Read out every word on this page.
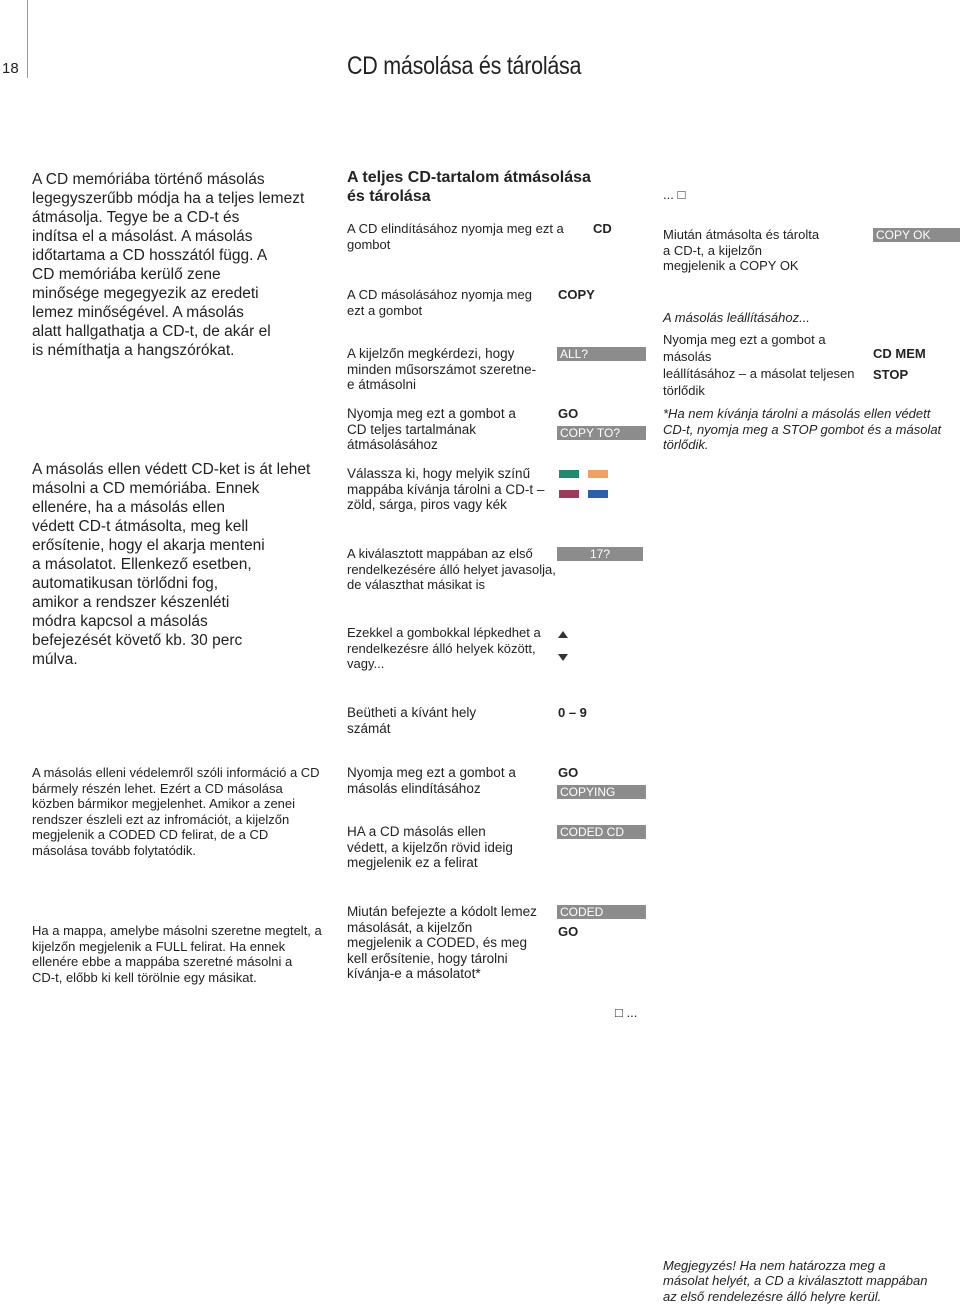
18	CD másolása és tárolása
A CD memóriába történő másolás
legegyszerűbb módja ha a teljes lemezt
átmásolja. Tegye be a CD-t és
indítsa el a másolást. A másolás
időtartama a CD hosszától függ. A
CD memóriába kerülő zene
minősége megegyezik az eredeti
lemez minőségével. A másolás
alatt hallgathatja a CD-t, de akár el
is némíthatja a hangszórókat.
A másolás ellen védett CD-ket is át lehet
másolni a CD memóriába. Ennek
ellenére, ha a másolás ellen
védett CD-t átmásolta, meg kell
erősítenie, hogy el akarja menteni
a másolatot. Ellenkező esetben,
automatikusan törlődni fog,
amikor a rendszer készenléti
módra kapcsol a másolás
befejezését követő kb. 30 perc
múlva.
A másolás elleni védelemről szóli információ a CD
bármely részén lehet. Ezért a CD másolása
közben bármikor megjelenhet. Amikor a zenei
rendszer észleli ezt az infromációt, a kijelzőn
megjelenik a CODED CD felirat, de a CD
másolása tovább folytatódik.
Ha a mappa, amelybe másolni szeretne megtelt, a
kijelzőn megjelenik a FULL felirat. Ha ennek
ellenére ebbe a mappába szeretné másolni a
CD-t, előbb ki kell törölnie egy másikat.
A teljes CD-tartalom átmásolása
és tárolása
A CD elindításához nyomja meg ezt a gombot
CD
A CD másolásához nyomja meg
ezt a gombot
COPY
A kijelzőn megkérdezi, hogy
minden műsorszámot szeretne-
e átmásolni
ALL?
Nyomja meg ezt a gombot a
CD teljes tartalmának
átmásolásához
GO
COPY TO?
Válassza ki, hogy melyik színű
mappába kívánja tárolni a CD-t –
zöld, sárga, piros vagy kék
A kiválasztott mappában az első
rendelkezésére álló helyet javasolja,
de választhat másikat is
17?
Ezekkel a gombokkal lépkedhet a
rendelkezésre álló helyek között,
vagy...
Beütheti a kívánt hely
számát
0 – 9
Nyomja meg ezt a gombot a
másolás elindításához
GO
COPYING
HA a CD másolás ellen
védett, a kijelzőn rövid ideig
megjelenik ez a felirat
CODED CD
Miután befejezte a kódolt lemez
másolását, a kijelzőn
megjelenik a CODED, és meg
kell erősítenie, hogy tárolni
kívánja-e a másolatot*
CODED
GO
... □
□ ...
Miután átmásolta és tárolta
a CD-t, a kijelzőn
megjelenik a COPY OK
COPY OK
A másolás leállításához...
Nyomja meg ezt a gombot a másolás
leállításához – a másolat teljesen
törlődik
CD MEM
STOP
*Ha nem kívánja tárolni a másolás ellen védett
CD-t, nyomja meg a STOP gombot és a másolat
törlődik.

Megjegyzés! Ha nem határozza meg a
másolat helyét, a CD a kiválasztott mappában
az első rendelezésre álló helyre kerül.
